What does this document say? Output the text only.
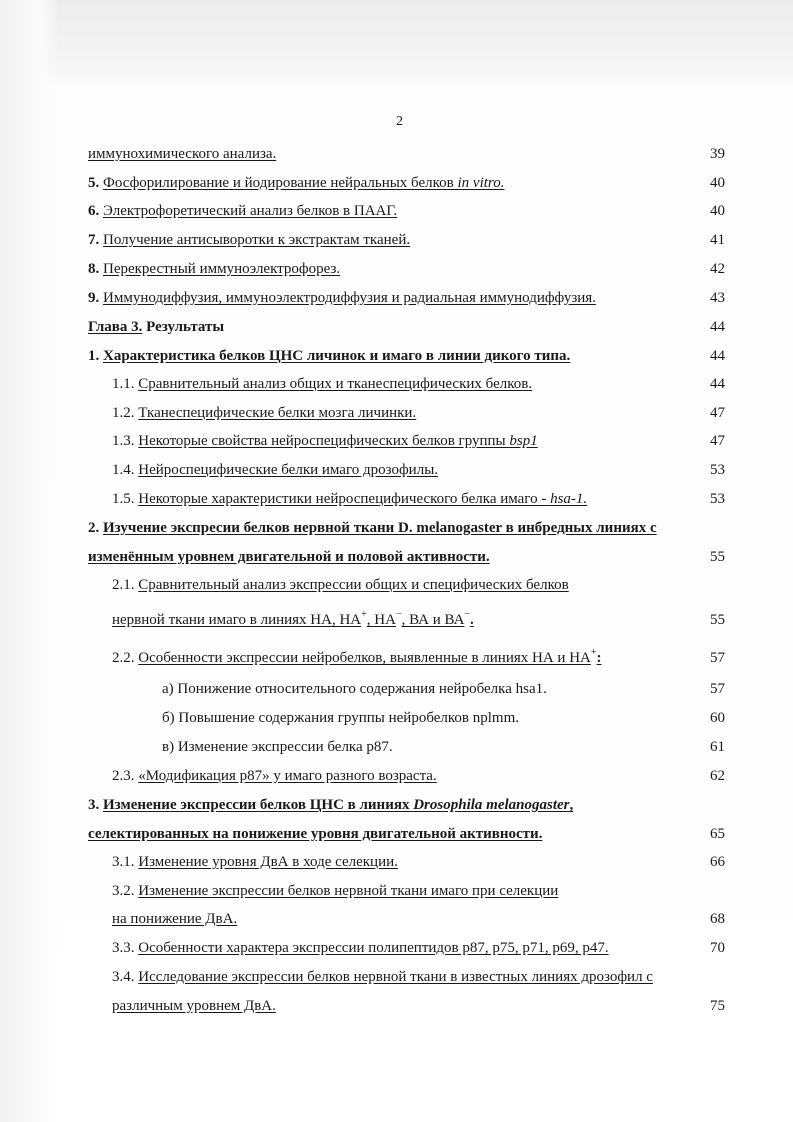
2
иммунохимического анализа.	39
5. Фосфорилирование и йодирование нейральных белков in vitro.	40
6. Электрофоретический анализ белков в ПААГ.	40
7. Получение антисыворотки к экстрактам тканей.	41
8. Перекрестный иммуноэлектрофорез.	42
9. Иммунодиффузия, иммуноэлектродиффузия и радиальная иммунодиффузия.	43
Глава 3. Результаты	44
1. Характеристика белков ЦНС личинок и имаго в линии дикого типа.	44
1.1. Сравнительный анализ общих и тканеспецифических белков.	44
1.2. Тканеспецифические белки мозга личинки.	47
1.3. Некоторые свойства нейроспецифических белков группы bsp1	47
1.4. Нейроспецифические белки имаго дрозофилы.	53
1.5. Некоторые характеристики нейроспецифического белка имаго - hsa-1.	53
2. Изучение экспресии белков нервной ткани D. melanogaster в инбредных линиях с
изменённым уровнем двигательной и половой активности.	55
2.1. Сравнительный анализ экспрессии общих и специфических белков
нервной ткани имаго в линиях НА, НА+, НА−, ВА и ВА−.	55
2.2. Особенности экспрессии нейробелков, выявленные в линиях НА и НА+:	57
а) Понижение относительного содержания нейробелка hsa1.	57
б) Повышение содержания группы нейробелков nplmm.	60
в) Изменение экспрессии белка p87.	61
2.3. «Модификация p87» у имаго разного возраста.	62
3. Изменение экспрессии белков ЦНС в линиях Drosophila melanogaster,
селектированных на понижение уровня двигательной активности.	65
3.1. Изменение уровня ДвА в ходе селекции.	66
3.2. Изменение экспрессии белков нервной ткани имаго при селекции
на понижение ДвА.	68
3.3. Особенности характера экспрессии полипептидов p87, p75, p71, p69, p47.	70
3.4. Исследование экспрессии белков нервной ткани в известных линиях дрозофил с
различным уровнем ДвА.	75
